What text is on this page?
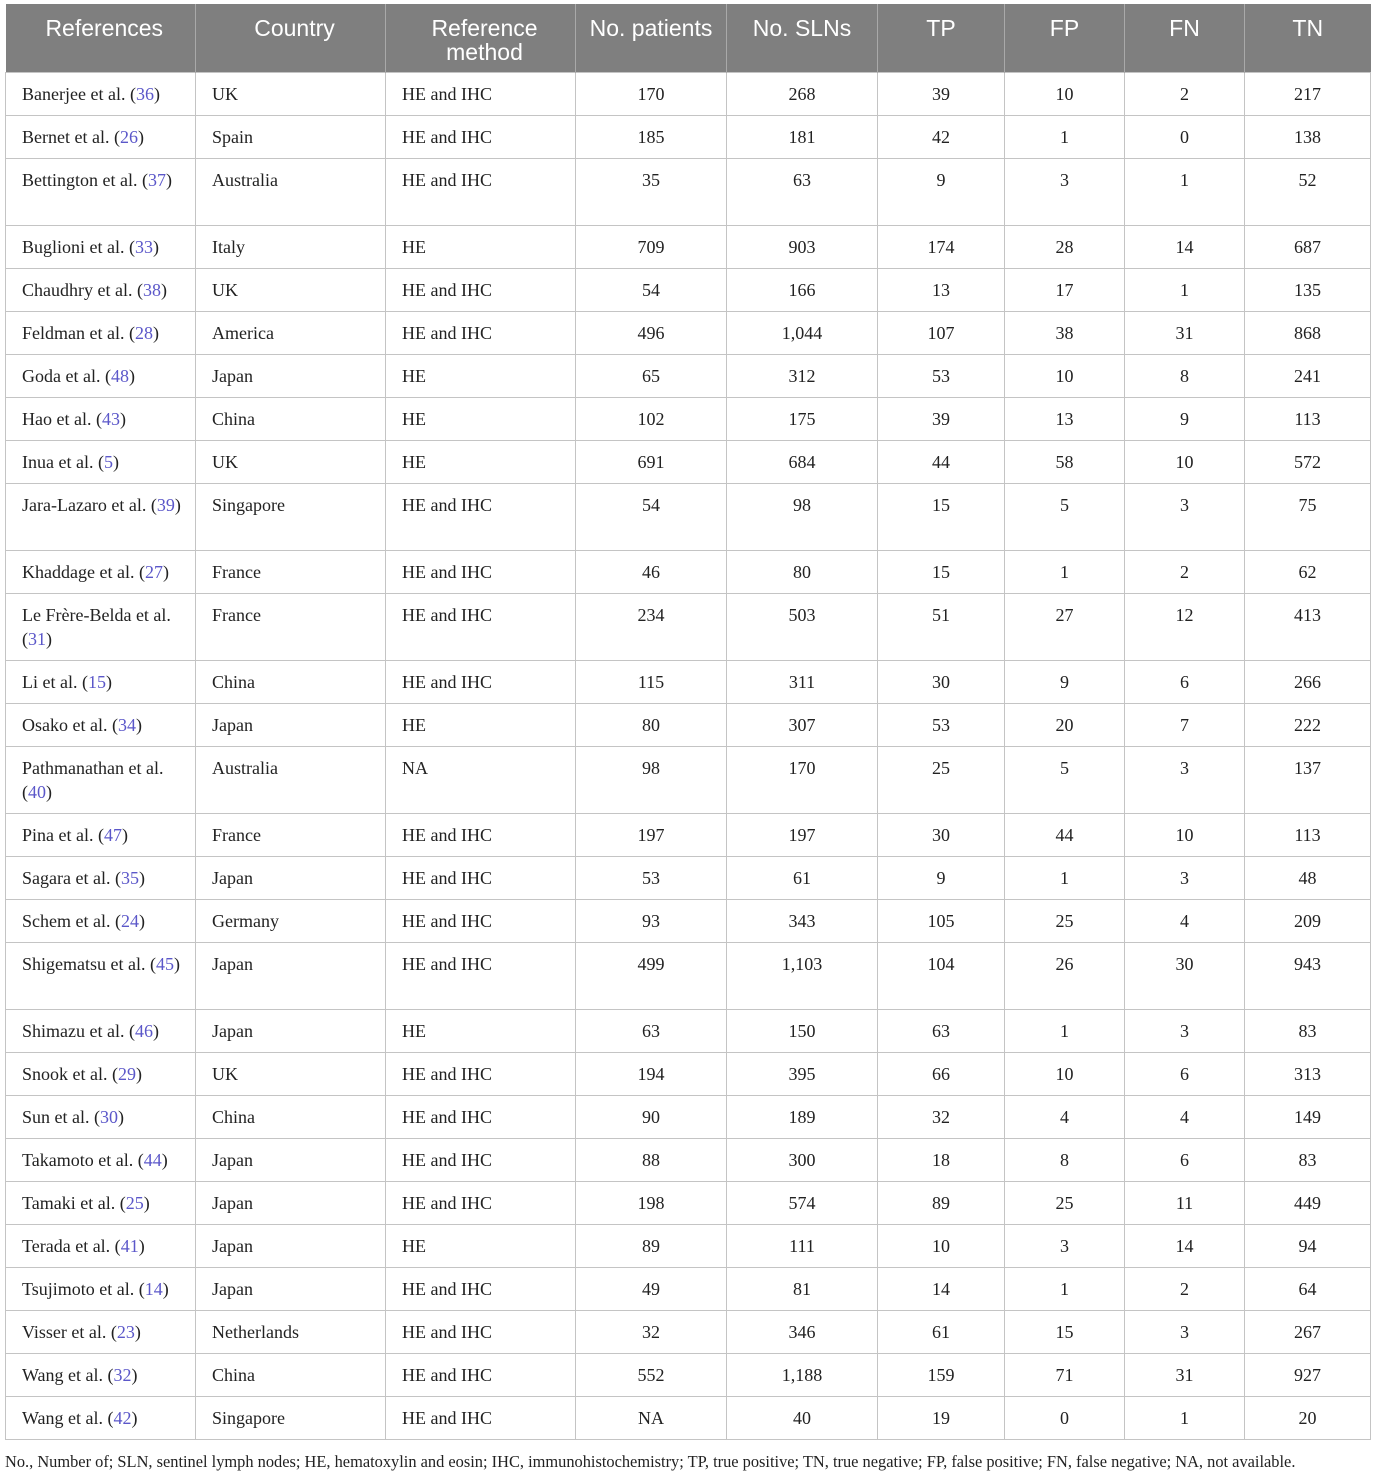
References	Country	Reference method	No. patients	No. SLNs	TP	FP	FN	TN
Banerjee et al. (36)	UK	HE and IHC	170	268	39	10	2	217
Bernet et al. (26)	Spain	HE and IHC	185	181	42	1	0	138
Bettington et al. (37)	Australia	HE and IHC	35	63	9	3	1	52
Buglioni et al. (33)	Italy	HE	709	903	174	28	14	687
Chaudhry et al. (38)	UK	HE and IHC	54	166	13	17	1	135
Feldman et al. (28)	America	HE and IHC	496	1,044	107	38	31	868
Goda et al. (48)	Japan	HE	65	312	53	10	8	241
Hao et al. (43)	China	HE	102	175	39	13	9	113
Inua et al. (5)	UK	HE	691	684	44	58	10	572
Jara-Lazaro et al. (39)	Singapore	HE and IHC	54	98	15	5	3	75
Khaddage et al. (27)	France	HE and IHC	46	80	15	1	2	62
Le Frère-Belda et al. (31)	France	HE and IHC	234	503	51	27	12	413
Li et al. (15)	China	HE and IHC	115	311	30	9	6	266
Osako et al. (34)	Japan	HE	80	307	53	20	7	222
Pathmanathan et al. (40)	Australia	NA	98	170	25	5	3	137
Pina et al. (47)	France	HE and IHC	197	197	30	44	10	113
Sagara et al. (35)	Japan	HE and IHC	53	61	9	1	3	48
Schem et al. (24)	Germany	HE and IHC	93	343	105	25	4	209
Shigematsu et al. (45)	Japan	HE and IHC	499	1,103	104	26	30	943
Shimazu et al. (46)	Japan	HE	63	150	63	1	3	83
Snook et al. (29)	UK	HE and IHC	194	395	66	10	6	313
Sun et al. (30)	China	HE and IHC	90	189	32	4	4	149
Takamoto et al. (44)	Japan	HE and IHC	88	300	18	8	6	83
Tamaki et al. (25)	Japan	HE and IHC	198	574	89	25	11	449
Terada et al. (41)	Japan	HE	89	111	10	3	14	94
Tsujimoto et al. (14)	Japan	HE and IHC	49	81	14	1	2	64
Visser et al. (23)	Netherlands	HE and IHC	32	346	61	15	3	267
Wang et al. (32)	China	HE and IHC	552	1,188	159	71	31	927
Wang et al. (42)	Singapore	HE and IHC	NA	40	19	0	1	20
No., Number of; SLN, sentinel lymph nodes; HE, hematoxylin and eosin; IHC, immunohistochemistry; TP, true positive; TN, true negative; FP, false positive; FN, false negative; NA, not available.
